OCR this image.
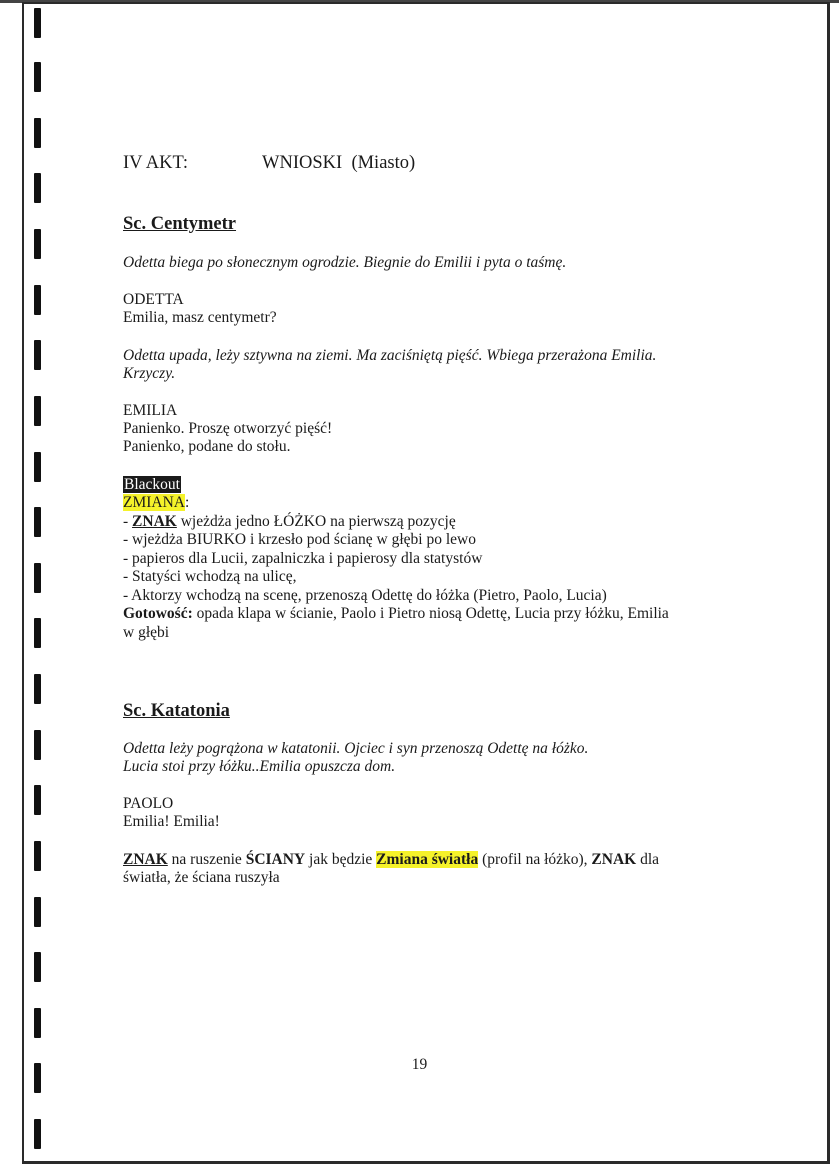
IV AKT:	WNIOSKI (Miasto)
Sc. Centymetr
Odetta biega po słonecznym ogrodzie. Biegnie do Emilii i pyta o taśmę.
ODETTA
Emilia, masz centymetr?
Odetta upada, leży sztywna na ziemi. Ma zaciśniętą pięść. Wbiega przerażona Emilia.
Krzyczy.
EMILIA
Panienko. Proszę otworzyć pięść!
Panienko, podane do stołu.
Blackout
ZMIANA:
- ZNAK wjeżdża jedno ŁÓŻKO na pierwszą pozycję
- wjeżdża BIURKO i krzesło pod ścianę w głębi po lewo
- papieros dla Lucii, zapalniczka i papierosy dla statystów
- Statyści wchodzą na ulicę,
- Aktorzy wchodzą na scenę, przenoszą Odettę do łóżka (Pietro, Paolo, Lucia)
Gotowość: opada klapa w ścianie, Paolo i Pietro niosą Odettę, Lucia przy łóżku, Emilia
w głębi
Sc. Katatonia
Odetta leży pogrążona w katatonii. Ojciec i syn przenoszą Odettę na łóżko.
Lucia stoi przy łóżku..Emilia opuszcza dom.
PAOLO
Emilia! Emilia!
ZNAK na ruszenie ŚCIANY jak będzie Zmiana światła (profil na łóżko), ZNAK dla
światła, że ściana ruszyła
19
